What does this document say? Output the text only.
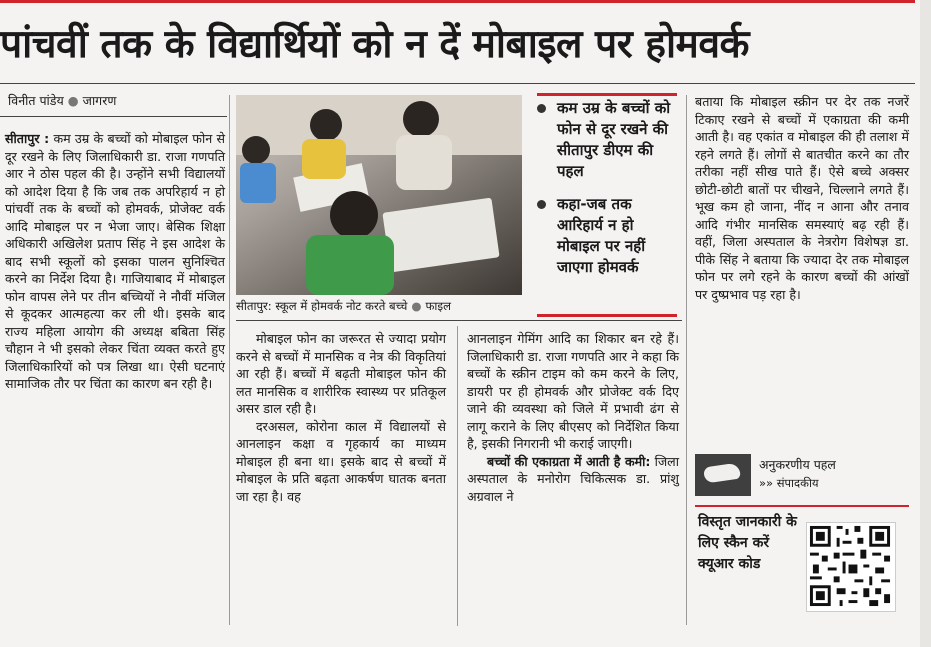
पांचवीं तक के विद्यार्थियों को न दें मोबाइल पर होमवर्क
विनीत पांडेय ● जागरण

सीतापुर : कम उम्र के बच्चों को मोबाइल फोन से दूर रखने के लिए जिलाधिकारी डा. राजा गणपति आर ने ठोस पहल की है। उन्होंने सभी विद्यालयों को आदेश दिया है कि जब तक अपरिहार्य न हो पांचवीं तक के बच्चों को होमवर्क, प्रोजेक्ट वर्क आदि मोबाइल पर न भेजा जाए। बेसिक शिक्षा अधिकारी अखिलेश प्रताप सिंह ने इस आदेश के बाद सभी स्कूलों को इसका पालन सुनिश्चित करने का निर्देश दिया है। गाजियाबाद में मोबाइल फोन वापस लेने पर तीन बच्चियों ने नौवीं मंजिल से कूदकर आत्महत्या कर ली थी। इसके बाद राज्य महिला आयोग की अध्यक्ष बबिता सिंह चौहान ने भी इसको लेकर चिंता व्यक्त करते हुए जिलाधिकारियों को पत्र लिखा था। ऐसी घटनाएं सामाजिक तौर पर चिंता का कारण बन रही है।

सीतापुर: स्कूल में होमवर्क नोट करते बच्चे ● फाइल
कम उम्र के बच्चों को फोन से दूर रखने की सीतापुर डीएम की पहल
कहा-जब तक आरिहार्य न हो मोबाइल पर नहीं जाएगा होमवर्क

मोबाइल फोन का जरूरत से ज्यादा प्रयोग करने से बच्चों में मानसिक व नेत्र की विकृतियां आ रही हैं। बच्चों में बढ़ती मोबाइल फोन की लत मानसिक व शारीरिक स्वास्थ्य पर प्रतिकूल असर डाल रही है।

दरअसल, कोरोना काल में विद्यालयों से आनलाइन कक्षा व गृहकार्य का माध्यम मोबाइल ही बना था। इसके बाद से बच्चों में मोबाइल के प्रति बढ़ता आकर्षण घातक बनता जा रहा है। वह

आनलाइन गेमिंग आदि का शिकार बन रहे हैं। जिलाधिकारी डा. राजा गणपति आर ने कहा कि बच्चों के स्क्रीन टाइम को कम करने के लिए, डायरी पर ही होमवर्क और प्रोजेक्ट वर्क दिए जाने की व्यवस्था को जिले में प्रभावी ढंग से लागू कराने के लिए बीएसए को निर्देशित किया है, इसकी निगरानी भी कराई जाएगी।

बच्चों की एकाग्रता में आती है कमी: जिला अस्पताल के मनोरोग चिकित्सक डा. प्रांशु अग्रवाल ने

बताया कि मोबाइल स्क्रीन पर देर तक नजरें टिकाए रखने से बच्चों में एकाग्रता की कमी आती है। वह एकांत व मोबाइल की ही तलाश में रहने लगते हैं। लोगों से बातचीत करने का तौर तरीका नहीं सीख पाते हैं। ऐसे बच्चे अक्सर छोटी-छोटी बातों पर चीखने, चिल्लाने लगते हैं। भूख कम हो जाना, नींद न आना और तनाव आदि गंभीर मानसिक समस्याएं बढ़ रही हैं। वहीं, जिला अस्पताल के नेत्ररोग विशेषज्ञ डा. पीके सिंह ने बताया कि ज्यादा देर तक मोबाइल फोन पर लगे रहने के कारण बच्चों की आंखों पर दुष्प्रभाव पड़ रहा है।

अनुकरणीय पहल
»» संपादकीय
विस्तृत जानकारी के लिए स्कैन करें क्यूआर कोड
